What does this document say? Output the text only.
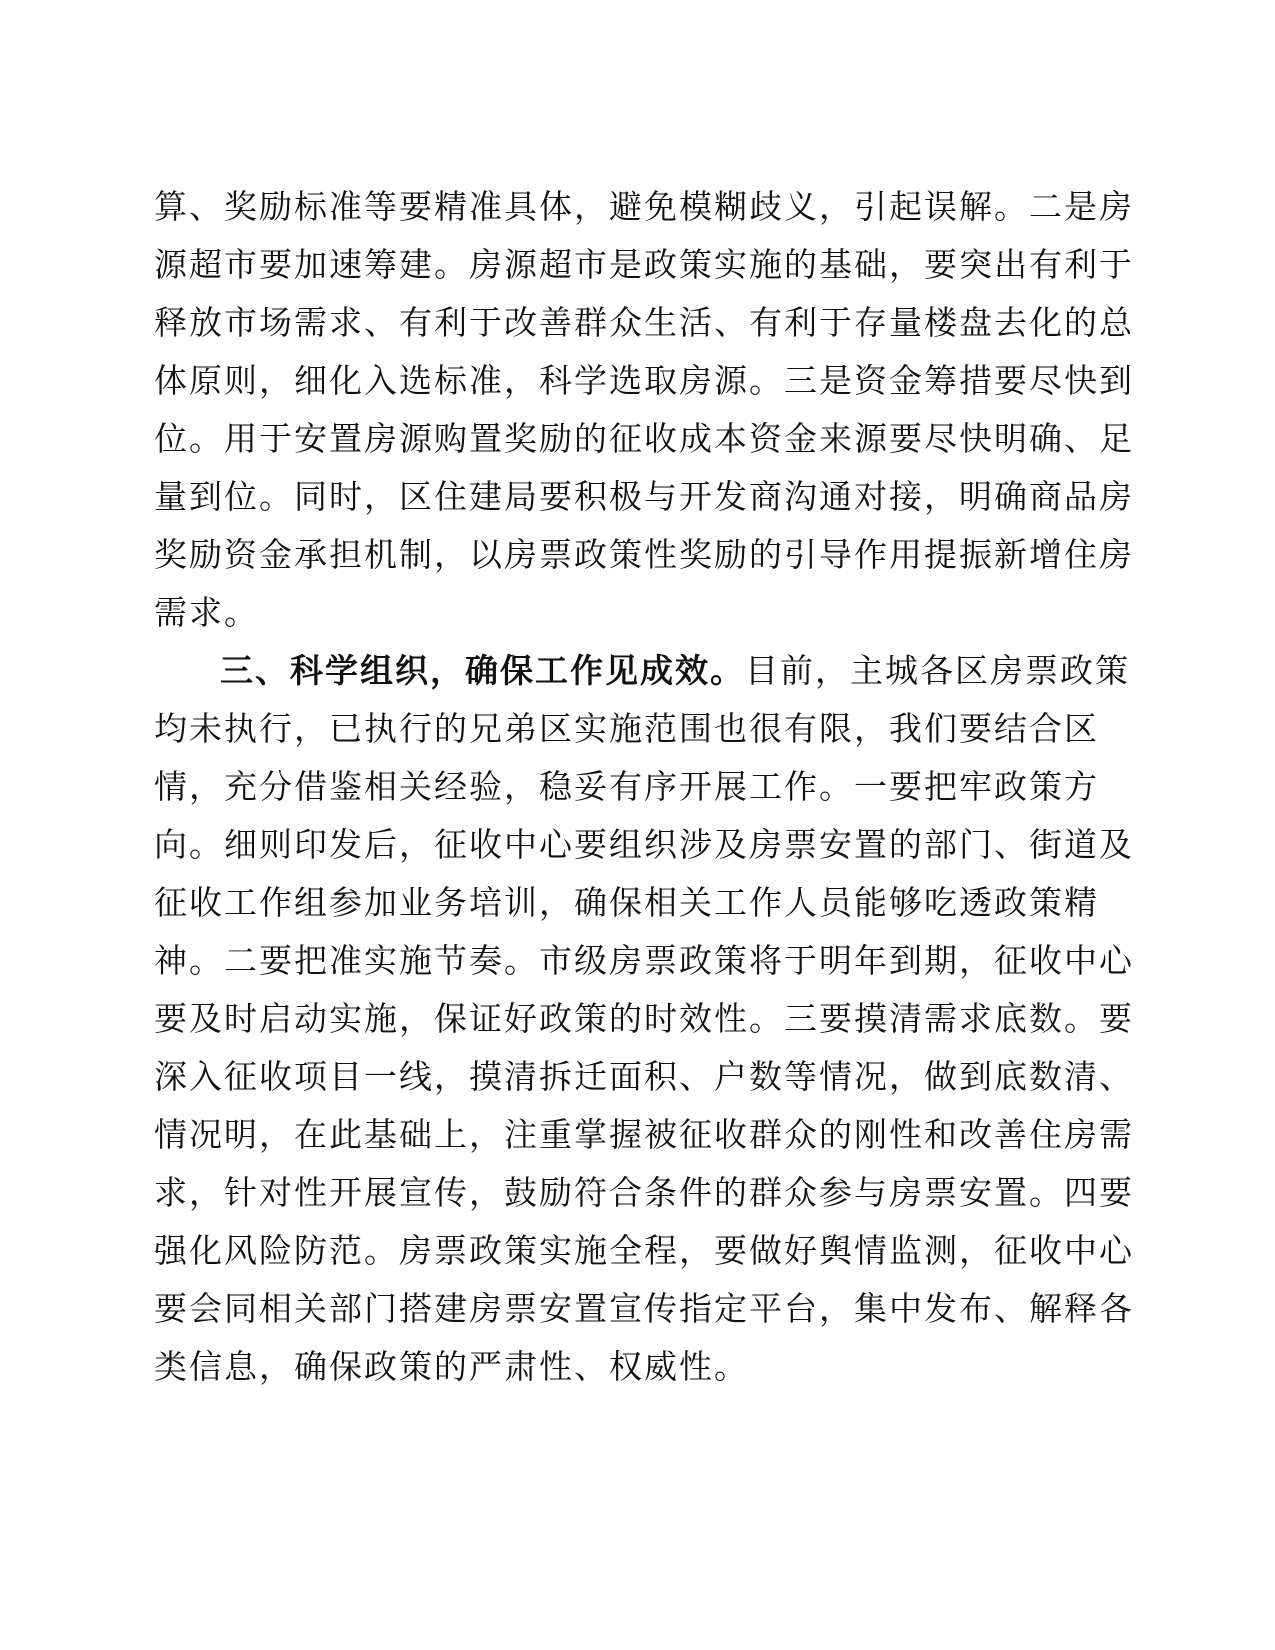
算、奖励标准等要精准具体，避免模糊歧义，引起误解。二是房
源超市要加速筹建。房源超市是政策实施的基础，要突出有利于
释放市场需求、有利于改善群众生活、有利于存量楼盘去化的总
体原则，细化入选标准，科学选取房源。三是资金筹措要尽快到
位。用于安置房源购置奖励的征收成本资金来源要尽快明确、足
量到位。同时，区住建局要积极与开发商沟通对接，明确商品房
奖励资金承担机制，以房票政策性奖励的引导作用提振新增住房
需求。
三、科学组织，确保工作见成效。目前，主城各区房票政策
均未执行，已执行的兄弟区实施范围也很有限，我们要结合区
情，充分借鉴相关经验，稳妥有序开展工作。一要把牢政策方
向。细则印发后，征收中心要组织涉及房票安置的部门、街道及
征收工作组参加业务培训，确保相关工作人员能够吃透政策精
神。二要把准实施节奏。市级房票政策将于明年到期，征收中心
要及时启动实施，保证好政策的时效性。三要摸清需求底数。要
深入征收项目一线，摸清拆迁面积、户数等情况，做到底数清、
情况明，在此基础上，注重掌握被征收群众的刚性和改善住房需
求，针对性开展宣传，鼓励符合条件的群众参与房票安置。四要
强化风险防范。房票政策实施全程，要做好舆情监测，征收中心
要会同相关部门搭建房票安置宣传指定平台，集中发布、解释各
类信息，确保政策的严肃性、权威性。
